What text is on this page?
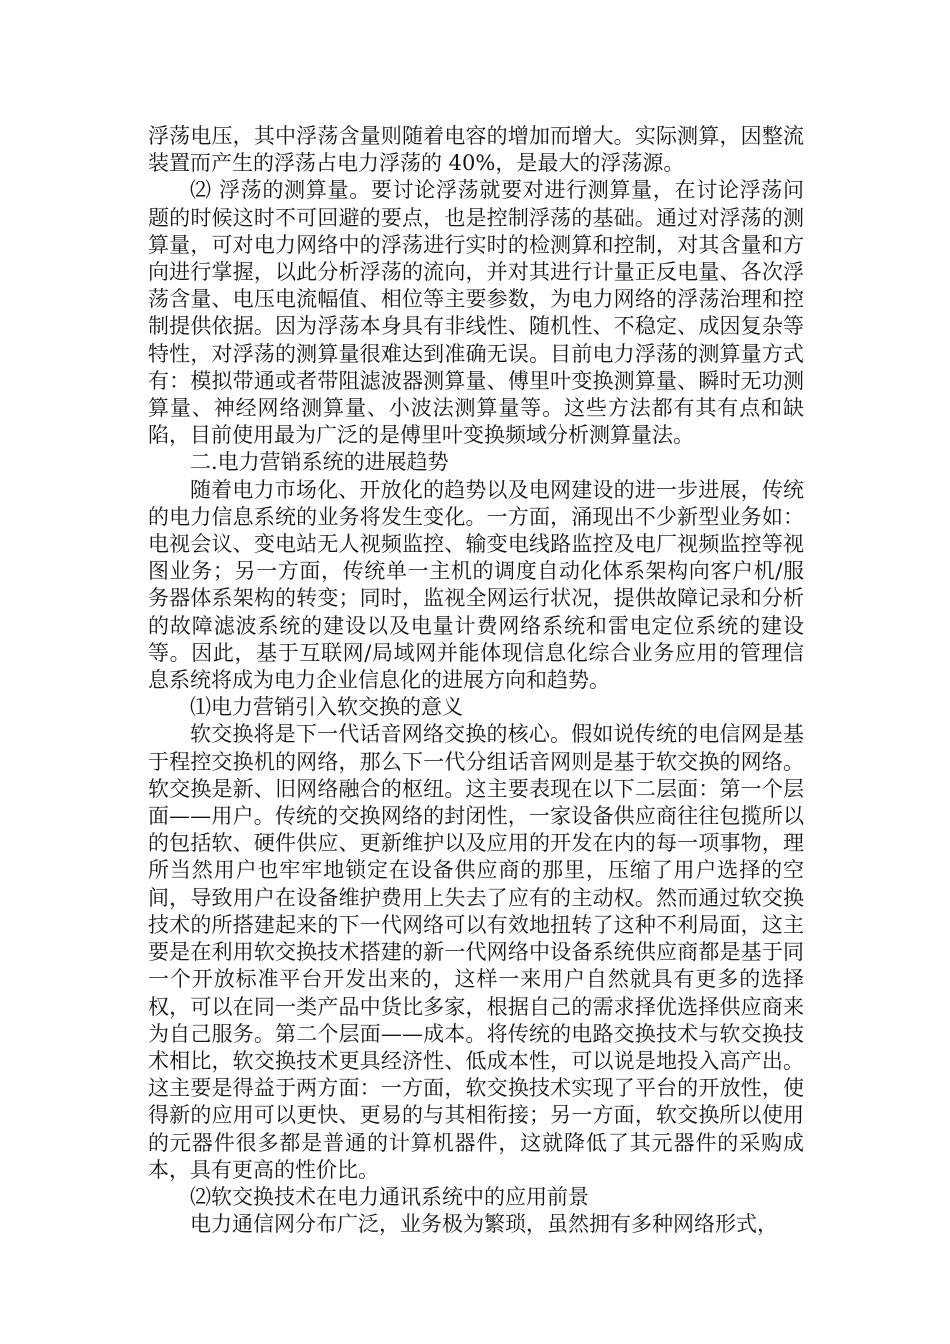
浮荡电压，其中浮荡含量则随着电容的增加而增大。实际测算，因整流装置而产生的浮荡占电力浮荡的 40%，是最大的浮荡源。

⑵ 浮荡的测算量。要讨论浮荡就要对进行测算量，在讨论浮荡问题的时候这时不可回避的要点，也是控制浮荡的基础。通过对浮荡的测算量，可对电力网络中的浮荡进行实时的检测算和控制，对其含量和方向进行掌握，以此分析浮荡的流向，并对其进行计量正反电量、各次浮荡含量、电压电流幅值、相位等主要参数，为电力网络的浮荡治理和控制提供依据。因为浮荡本身具有非线性、随机性、不稳定、成因复杂等特性，对浮荡的测算量很难达到准确无误。目前电力浮荡的测算量方式有：模拟带通或者带阻滤波器测算量、傅里叶变换测算量、瞬时无功测算量、神经网络测算量、小波法测算量等。这些方法都有其有点和缺陷，目前使用最为广泛的是傅里叶变换频域分析测算量法。

二.电力营销系统的进展趋势

随着电力市场化、开放化的趋势以及电网建设的进一步进展，传统的电力信息系统的业务将发生变化。一方面，涌现出不少新型业务如：电视会议、变电站无人视频监控、输变电线路监控及电厂视频监控等视图业务；另一方面，传统单一主机的调度自动化体系架构向客户机/服务器体系架构的转变；同时，监视全网运行状况，提供故障记录和分析的故障滤波系统的建设以及电量计费网络系统和雷电定位系统的建设等。因此，基于互联网/局域网并能体现信息化综合业务应用的管理信息系统将成为电力企业信息化的进展方向和趋势。

⑴电力营销引入软交换的意义

软交换将是下一代话音网络交换的核心。假如说传统的电信网是基于程控交换机的网络，那么下一代分组话音网则是基于软交换的网络。软交换是新、旧网络融合的枢纽。这主要表现在以下二层面：第一个层面——用户。传统的交换网络的封闭性，一家设备供应商往往包揽所以的包括软、硬件供应、更新维护以及应用的开发在内的每一项事物，理所当然用户也牢牢地锁定在设备供应商的那里，压缩了用户选择的空间，导致用户在设备维护费用上失去了应有的主动权。然而通过软交换技术的所搭建起来的下一代网络可以有效地扭转了这种不利局面，这主要是在利用软交换技术搭建的新一代网络中设备系统供应商都是基于同一个开放标准平台开发出来的，这样一来用户自然就具有更多的选择权，可以在同一类产品中货比多家，根据自己的需求择优选择供应商来为自己服务。第二个层面——成本。将传统的电路交换技术与软交换技术相比，软交换技术更具经济性、低成本性，可以说是地投入高产出。这主要是得益于两方面：一方面，软交换技术实现了平台的开放性，使得新的应用可以更快、更易的与其相衔接；另一方面，软交换所以使用的元器件很多都是普通的计算机器件，这就降低了其元器件的采购成本，具有更高的性价比。

⑵软交换技术在电力通讯系统中的应用前景

电力通信网分布广泛，业务极为繁琐，虽然拥有多种网络形式，
